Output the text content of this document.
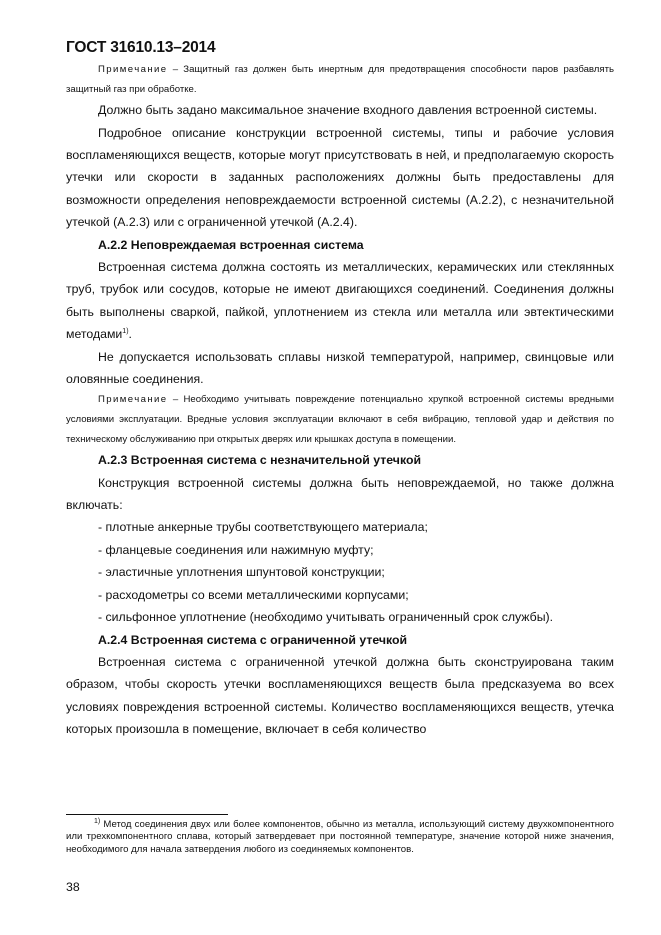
ГОСТ 31610.13–2014

Примечание – Защитный газ должен быть инертным для предотвращения способности паров разбавлять защитный газ при обработке.

Должно быть задано максимальное значение входного давления встроенной системы.

Подробное описание конструкции встроенной системы, типы и рабочие условия воспламеняющихся веществ, которые могут присутствовать в ней, и предполагаемую скорость утечки или скорости в заданных расположениях должны быть предоставлены для возможности определения неповреждаемости встроенной системы (А.2.2), с незначительной утечкой (А.2.3) или с ограниченной утечкой (А.2.4).

А.2.2 Неповреждаемая встроенная система

Встроенная система должна состоять из металлических, керамических или стеклянных труб, трубок или сосудов, которые не имеют двигающихся соединений. Соединения должны быть выполнены сваркой, пайкой, уплотнением из стекла или металла или эвтектическими методами$^{1)}$.

Не допускается использовать сплавы низкой температурой, например, свинцовые или оловянные соединения.

Примечание – Необходимо учитывать повреждение потенциально хрупкой встроенной системы вредными условиями эксплуатации. Вредные условия эксплуатации включают в себя вибрацию, тепловой удар и действия по техническому обслуживанию при открытых дверях или крышках доступа в помещении.

А.2.3 Встроенная система с незначительной утечкой

Конструкция встроенной системы должна быть неповреждаемой, но также должна включать:

- плотные анкерные трубы соответствующего материала;

- фланцевые соединения или нажимную муфту;

- эластичные уплотнения шпунтовой конструкции;

- расходометры со всеми металлическими корпусами;

- сильфонное уплотнение (необходимо учитывать ограниченный срок службы).

А.2.4 Встроенная система с ограниченной утечкой

Встроенная система с ограниченной утечкой должна быть сконструирована таким образом, чтобы скорость утечки воспламеняющихся веществ была предсказуема во всех условиях повреждения встроенной системы. Количество воспламеняющихся веществ, утечка которых произошла в помещение, включает в себя количество

$^{1)}$ Метод соединения двух или более компонентов, обычно из металла, использующий систему двухкомпонентного или трехкомпонентного сплава, который затвердевает при постоянной температуре, значение которой ниже значения, необходимого для начала затвердения любого из соединяемых компонентов.
38
